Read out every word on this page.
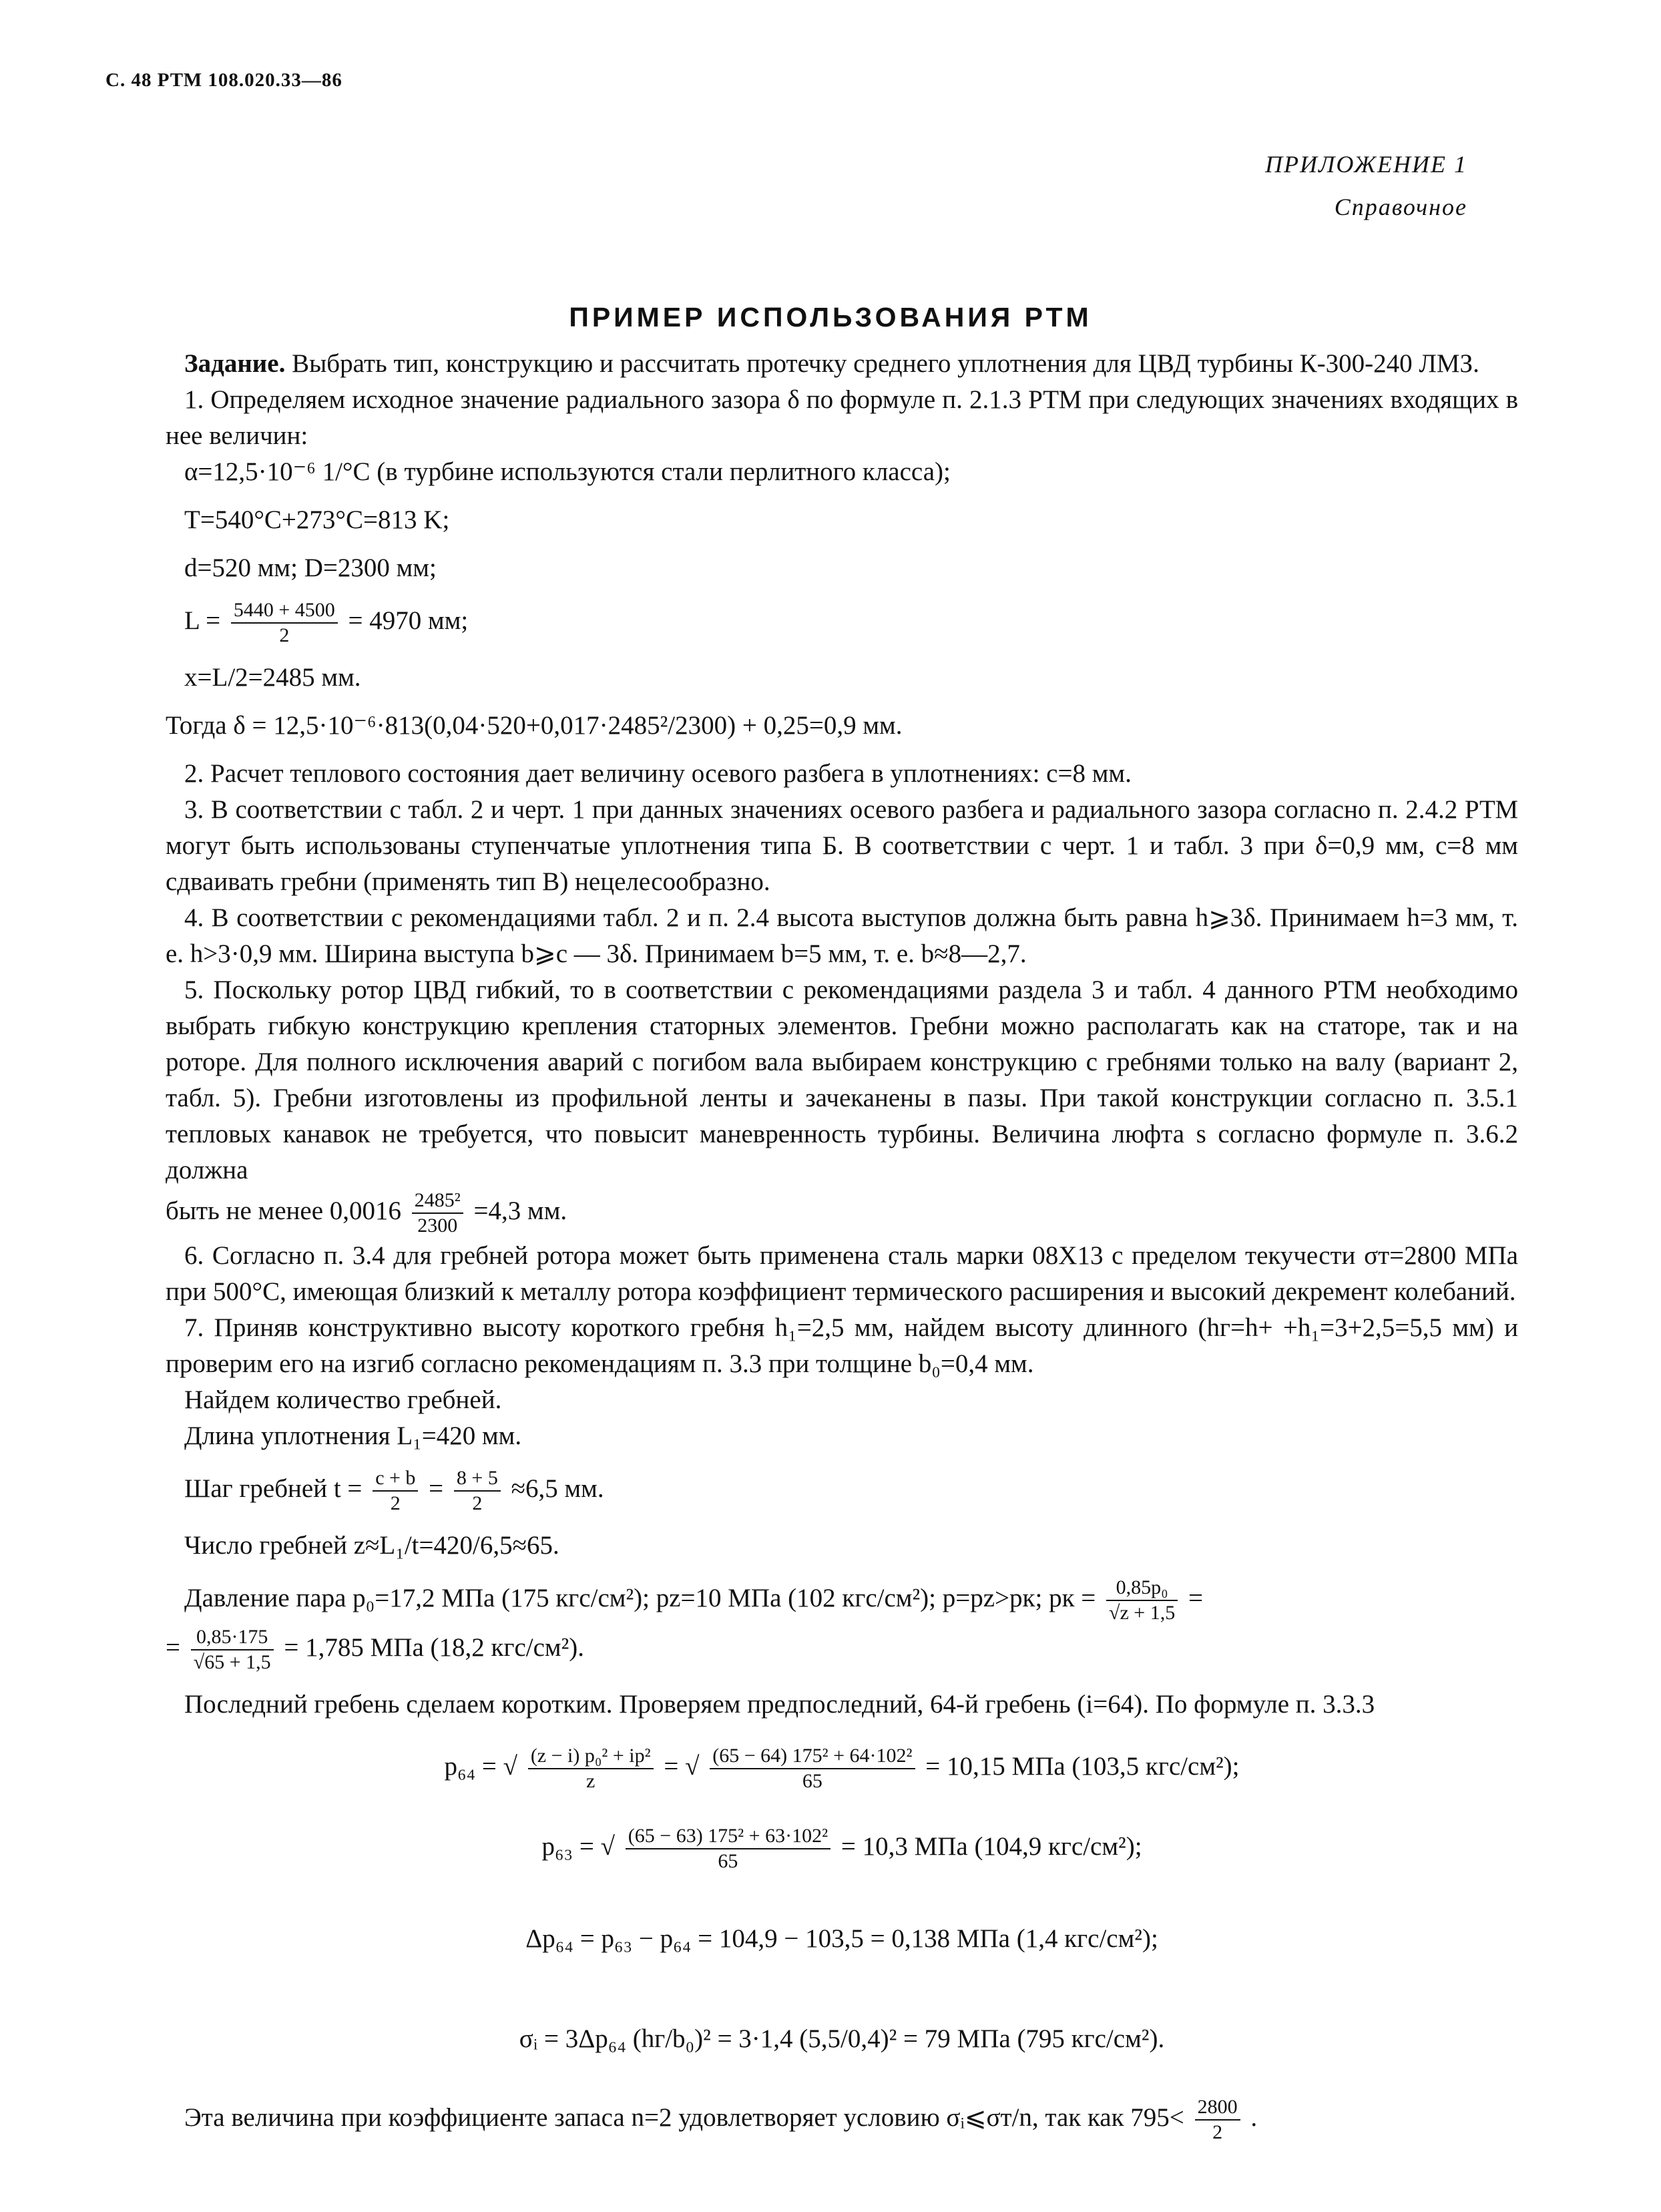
С. 48 РТМ 108.020.33—86
ПРИЛОЖЕНИЕ 1
Справочное
ПРИМЕР ИСПОЛЬЗОВАНИЯ РТМ

Задание. Выбрать тип, конструкцию и рассчитать протечку среднего уплотнения для ЦВД турбины К-300-240 ЛМЗ.

1. Определяем исходное значение радиального зазора δ по формуле п. 2.1.3 РТМ при следующих значениях входящих в нее величин:

α=12,5·10⁻⁶ 1/°С (в турбине используются стали перлитного класса);

T=540°C+273°C=813 K;

d=520 мм; D=2300 мм;

$L = \frac{5440 + 4500}{2} = 4970$ мм;

x=L/2=2485 мм.

Тогда δ = 12,5·10⁻⁶·813(0,04·520+0,017·2485²/2300) + 0,25=0,9 мм.

2. Расчет теплового состояния дает величину осевого разбега в уплотнениях: c=8 мм.

3. В соответствии с табл. 2 и черт. 1 при данных значениях осевого разбега и радиального зазора согласно п. 2.4.2 РТМ могут быть использованы ступенчатые уплотнения типа Б. В соответствии с черт. 1 и табл. 3 при δ=0,9 мм, c=8 мм сдваивать гребни (применять тип В) нецелесообразно.

4. В соответствии с рекомендациями табл. 2 и п. 2.4 высота выступов должна быть равна h⩾3δ. Принимаем h=3 мм, т. е. h>3·0,9 мм. Ширина выступа b⩾c — 3δ. Принимаем b=5 мм, т. е. b≈8—2,7.

5. Поскольку ротор ЦВД гибкий, то в соответствии с рекомендациями раздела 3 и табл. 4 данного РТМ необходимо выбрать гибкую конструкцию крепления статорных элементов. Гребни можно располагать как на статоре, так и на роторе. Для полного исключения аварий с погибом вала выбираем конструкцию с гребнями только на валу (вариант 2, табл. 5). Гребни изготовлены из профильной ленты и зачеканены в пазы. При такой конструкции согласно п. 3.5.1 тепловых канавок не требуется, что повысит маневренность турбины. Величина люфта s согласно формуле п. 3.6.2 должна

быть не менее $0,0016 \frac{\text{2485²}}{2300} =4,3$ мм.

6. Согласно п. 3.4 для гребней ротора может быть применена сталь марки 08Х13 с пределом текучести σт=2800 МПа при 500°С, имеющая близкий к металлу ротора коэффициент термического расширения и высокий декремент колебаний.

7. Приняв конструктивно высоту короткого гребня h₁=2,5 мм, найдем высоту длинного (hг=h+ +h₁=3+2,5=5,5 мм) и проверим его на изгиб согласно рекомендациям п. 3.3 при толщине b₀=0,4 мм.

Найдем количество гребней.

Длина уплотнения L₁=420 мм.

Шаг гребней $t = \frac{c + b}{2} = \frac{8 + 5}{2} \approx 6,5$ мм.

Число гребней z≈L₁/t=420/6,5≈65.

Давление пара p₀=17,2 МПа (175 кгс/см²); pz=10 МПа (102 кгс/см²); p=pz>pк; pк = $\frac{\text{0,85p₀}}{√z + 1,5}$ =

= $\frac{0,85\cdot 175}{√65 + 1,5} = 1,785$ МПа (18,2 кгс/см²).

Последний гребень сделаем коротким. Проверяем предпоследний, 64-й гребень (i=64). По формуле п. 3.3.3

p₆₄ = √ $\frac{\text{(z − i) p₀² + ip²}}{z}$ = √ $\frac{\text{(65 − 64) 175² + 64·102²}}{65} = 10,15$ МПа (103,5 кгс/см²);

p₆₃ = √ $\frac{\text{(65 − 63) 175² + 63·102²}}{65} = 10,3$ МПа (104,9 кгс/см²);

Δp₆₄ = p₆₃ − p₆₄ = 104,9 − 103,5 = 0,138 МПа (1,4 кгс/см²);

σᵢ = 3Δp₆₄ (hг/b₀)² = 3·1,4 (5,5/0,4)² = 79 МПа (795 кгс/см²).

Эта величина при коэффициенте запаса n=2 удовлетворяет условию σᵢ⩽σт/n, так как $795< \frac{2800}{2}$ .
